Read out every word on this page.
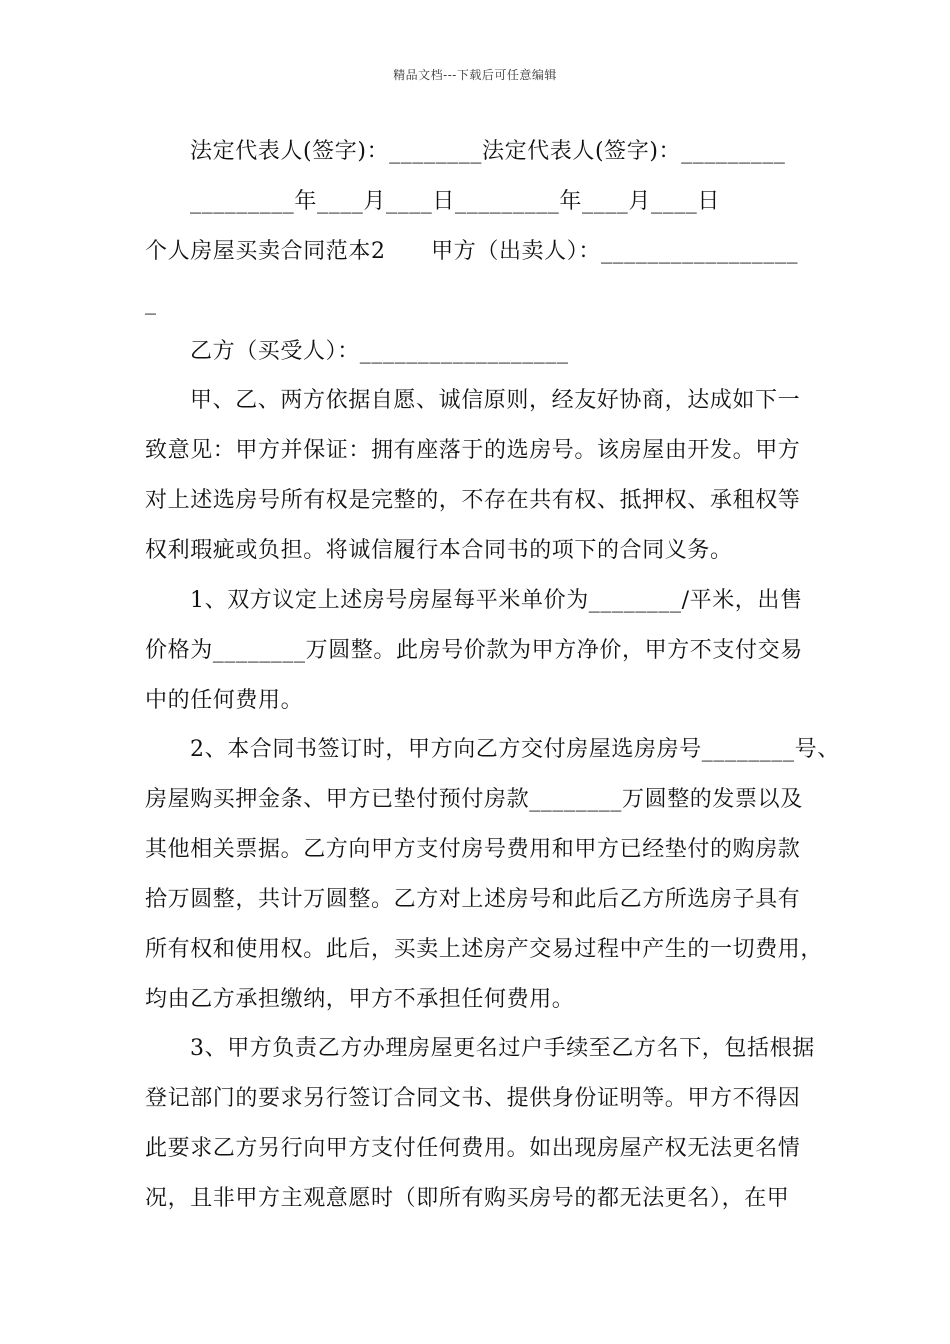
精品文档---下载后可任意编辑
法定代表人(签字)：________法定代表人(签字)：_________
_________年____月____日_________年____月____日
个人房屋买卖合同范本2      甲方（出卖人）：_________________
_
乙方（买受人）：__________________
甲、乙、两方依据自愿、诚信原则，经友好协商，达成如下一
致意见：甲方并保证：拥有座落于的选房号。该房屋由开发。甲方
对上述选房号所有权是完整的，不存在共有权、抵押权、承租权等
权利瑕疵或负担。将诚信履行本合同书的项下的合同义务。
1、双方议定上述房号房屋每平米单价为________/平米，出售
价格为________万圆整。此房号价款为甲方净价，甲方不支付交易
中的任何费用。
2、本合同书签订时，甲方向乙方交付房屋选房房号________号、
房屋购买押金条、甲方已垫付预付房款________万圆整的发票以及
其他相关票据。乙方向甲方支付房号费用和甲方已经垫付的购房款
拾万圆整，共计万圆整。乙方对上述房号和此后乙方所选房子具有
所有权和使用权。此后，买卖上述房产交易过程中产生的一切费用，
均由乙方承担缴纳，甲方不承担任何费用。
3、甲方负责乙方办理房屋更名过户手续至乙方名下，包括根据
登记部门的要求另行签订合同文书、提供身份证明等。甲方不得因
此要求乙方另行向甲方支付任何费用。如出现房屋产权无法更名情
况，且非甲方主观意愿时（即所有购买房号的都无法更名），在甲
